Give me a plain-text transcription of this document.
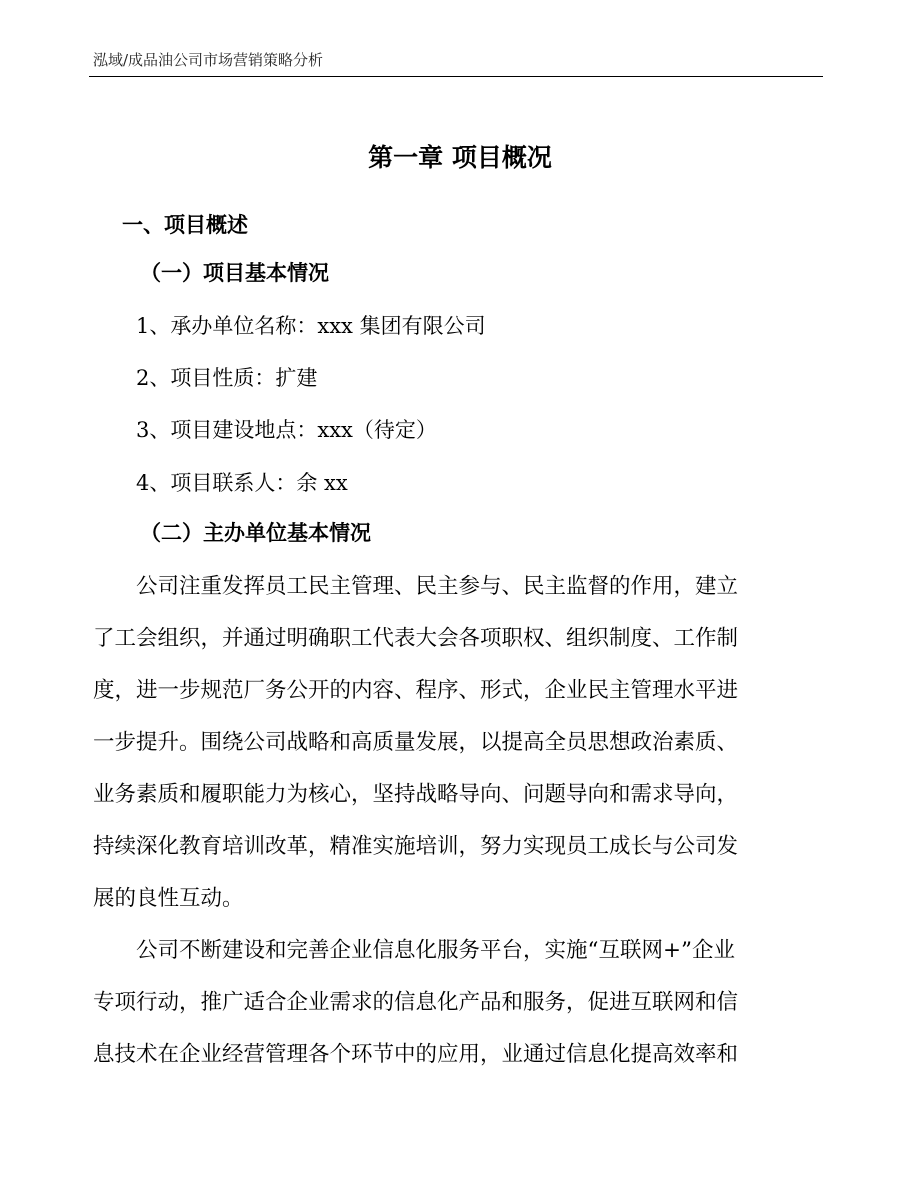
泓域/成品油公司市场营销策略分析
第一章 项目概况
一、项目概述
（一）项目基本情况
1、承办单位名称：xxx 集团有限公司
2、项目性质：扩建
3、项目建设地点：xxx（待定）
4、项目联系人：余 xx
（二）主办单位基本情况
公司注重发挥员工民主管理、民主参与、民主监督的作用，建立
了工会组织，并通过明确职工代表大会各项职权、组织制度、工作制
度，进一步规范厂务公开的内容、程序、形式，企业民主管理水平进
一步提升。围绕公司战略和高质量发展，以提高全员思想政治素质、
业务素质和履职能力为核心，坚持战略导向、问题导向和需求导向，
持续深化教育培训改革，精准实施培训，努力实现员工成长与公司发
展的良性互动。
公司不断建设和完善企业信息化服务平台，实施“互联网+”企业
专项行动，推广适合企业需求的信息化产品和服务，促进互联网和信
息技术在企业经营管理各个环节中的应用，业通过信息化提高效率和
